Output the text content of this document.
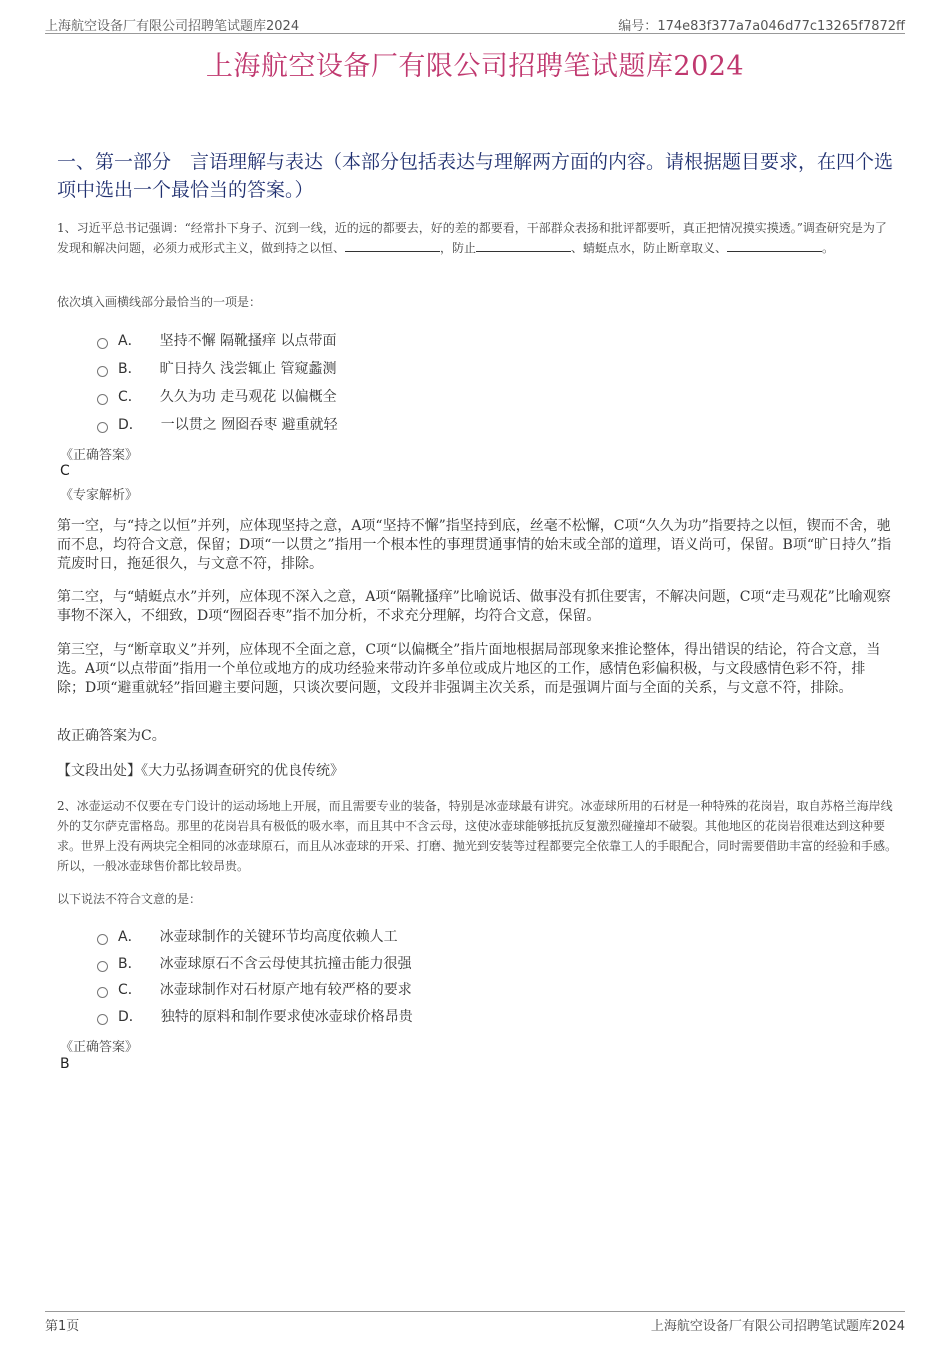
上海航空设备厂有限公司招聘笔试题库2024	编号：174e83f377a7a046d77c13265f7872ff
上海航空设备厂有限公司招聘笔试题库2024
一、第一部分　言语理解与表达（本部分包括表达与理解两方面的内容。请根据题目要求，在四个选项中选出一个最恰当的答案。）
1、习近平总书记强调：“经常扑下身子、沉到一线，近的远的都要去，好的差的都要看，干部群众表扬和批评都要听，真正把情况摸实摸透。”调查研究是为了发现和解决问题，必须力戒形式主义，做到持之以恒、	，防止	、蜻蜓点水，防止断章取义、	。
依次填入画横线部分最恰当的一项是：
A． 坚持不懈 隔靴搔痒 以点带面
B． 旷日持久 浅尝辄止 管窥蠡测
C． 久久为功 走马观花 以偏概全
D． 一以贯之 囫囵吞枣 避重就轻
《正确答案》
C
《专家解析》
第一空，与“持之以恒”并列，应体现坚持之意，A项“坚持不懈”指坚持到底，丝毫不松懈，C项“久久为功”指要持之以恒，锲而不舍，驰而不息，均符合文意，保留；D项“一以贯之”指用一个根本性的事理贯通事情的始末或全部的道理，语义尚可，保留。B项“旷日持久”指荒废时日，拖延很久，与文意不符，排除。
第二空，与“蜻蜓点水”并列，应体现不深入之意，A项“隔靴搔痒”比喻说话、做事没有抓住要害，不解决问题，C项“走马观花”比喻观察事物不深入，不细致，D项“囫囵吞枣”指不加分析，不求充分理解，均符合文意，保留。
第三空，与“断章取义”并列，应体现不全面之意，C项“以偏概全”指片面地根据局部现象来推论整体，得出错误的结论，符合文意，当选。A项“以点带面”指用一个单位或地方的成功经验来带动许多单位或成片地区的工作，感情色彩偏积极，与文段感情色彩不符，排除；D项“避重就轻”指回避主要问题，只谈次要问题，文段并非强调主次关系，而是强调片面与全面的关系，与文意不符，排除。
故正确答案为C。
【文段出处】《大力弘扬调查研究的优良传统》
2、冰壶运动不仅要在专门设计的运动场地上开展，而且需要专业的装备，特别是冰壶球最有讲究。冰壶球所用的石材是一种特殊的花岗岩，取自苏格兰海岸线外的艾尔萨克雷格岛。那里的花岗岩具有极低的吸水率，而且其中不含云母，这使冰壶球能够抵抗反复激烈碰撞却不破裂。其他地区的花岗岩很难达到这种要求。世界上没有两块完全相同的冰壶球原石，而且从冰壶球的开采、打磨、抛光到安装等过程都要完全依靠工人的手眼配合，同时需要借助丰富的经验和手感。所以，一般冰壶球售价都比较昂贵。
以下说法不符合文意的是：
A． 冰壶球制作的关键环节均高度依赖人工
B． 冰壶球原石不含云母使其抗撞击能力很强
C． 冰壶球制作对石材原产地有较严格的要求
D． 独特的原料和制作要求使冰壶球价格昂贵
《正确答案》
B
第1页	上海航空设备厂有限公司招聘笔试题库2024
